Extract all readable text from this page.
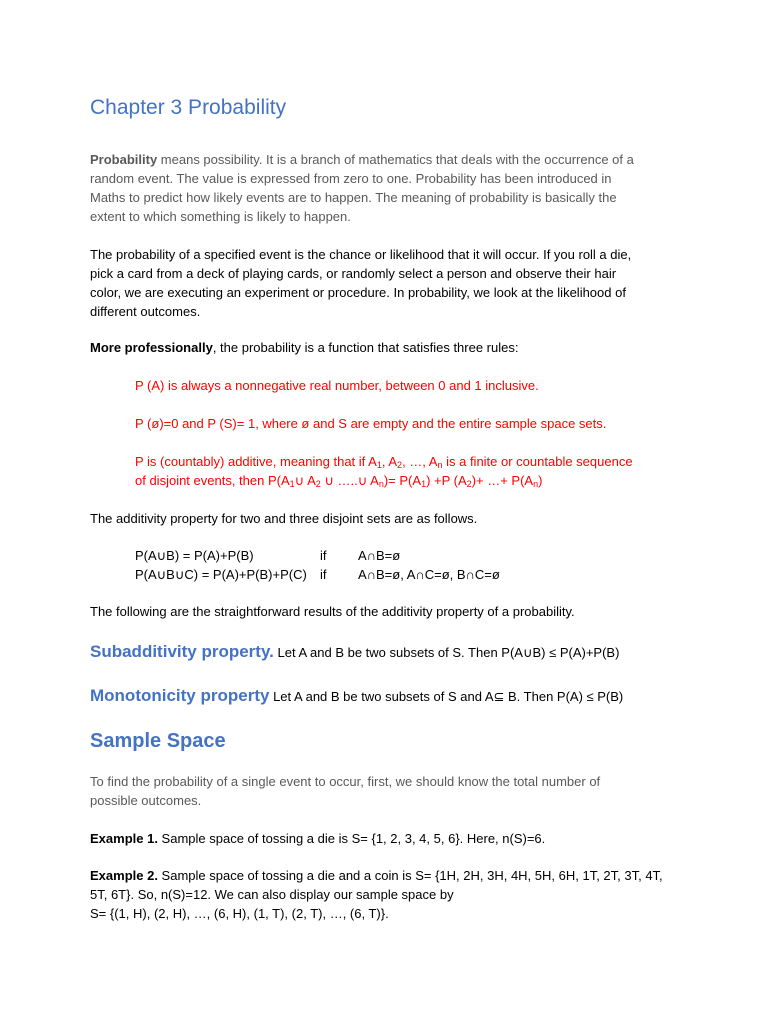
Chapter 3 Probability

Probability means possibility. It is a branch of mathematics that deals with the occurrence of a
random event. The value is expressed from zero to one. Probability has been introduced in
Maths to predict how likely events are to happen. The meaning of probability is basically the
extent to which something is likely to happen.

The probability of a specified event is the chance or likelihood that it will occur. If you roll a die,
pick a card from a deck of playing cards, or randomly select a person and observe their hair
color, we are executing an experiment or procedure. In probability, we look at the likelihood of
different outcomes.

More professionally, the probability is a function that satisfies three rules:

P (A) is always a nonnegative real number, between 0 and 1 inclusive.

P (ø)=0 and P (S)= 1, where ø and S are empty and the entire sample space sets.

P is (countably) additive, meaning that if $A_1$, $A_2$, …, $A_n$ is a finite or countable sequence
of disjoint events, then $P(A_1\cup$ $A_2$ ∪ …..∪ $A_n)= P(A_1) +P$ $(A_2)+$ …+ $P(A_n)$

The additivity property for two and three disjoint sets are as follows.

P(A∪B) = P(A)+P(B)	if A∩B=ø
P(A∪B∪C) = P(A)+P(B)+P(C) if A∩B=ø, A∩C=ø, B∩C=ø

The following are the straightforward results of the additivity property of a probability.

Subadditivity property. Let A and B be two subsets of S. Then P(A∪B) ≤ P(A)+P(B)

Monotonicity property Let A and B be two subsets of S and A⊆ B. Then P(A) ≤ P(B)

Sample Space

To find the probability of a single event to occur, first, we should know the total number of
possible outcomes.

Example 1. Sample space of tossing a die is S= {1, 2, 3, 4, 5, 6}. Here, n(S)=6.

Example 2. Sample space of tossing a die and a coin is S= {1H, 2H, 3H, 4H, 5H, 6H, 1T, 2T, 3T, 4T,
5T, 6T}. So, n(S)=12. We can also display our sample space by
S= {(1, H), (2, H), …, (6, H), (1, T), (2, T), …, (6, T)}.
